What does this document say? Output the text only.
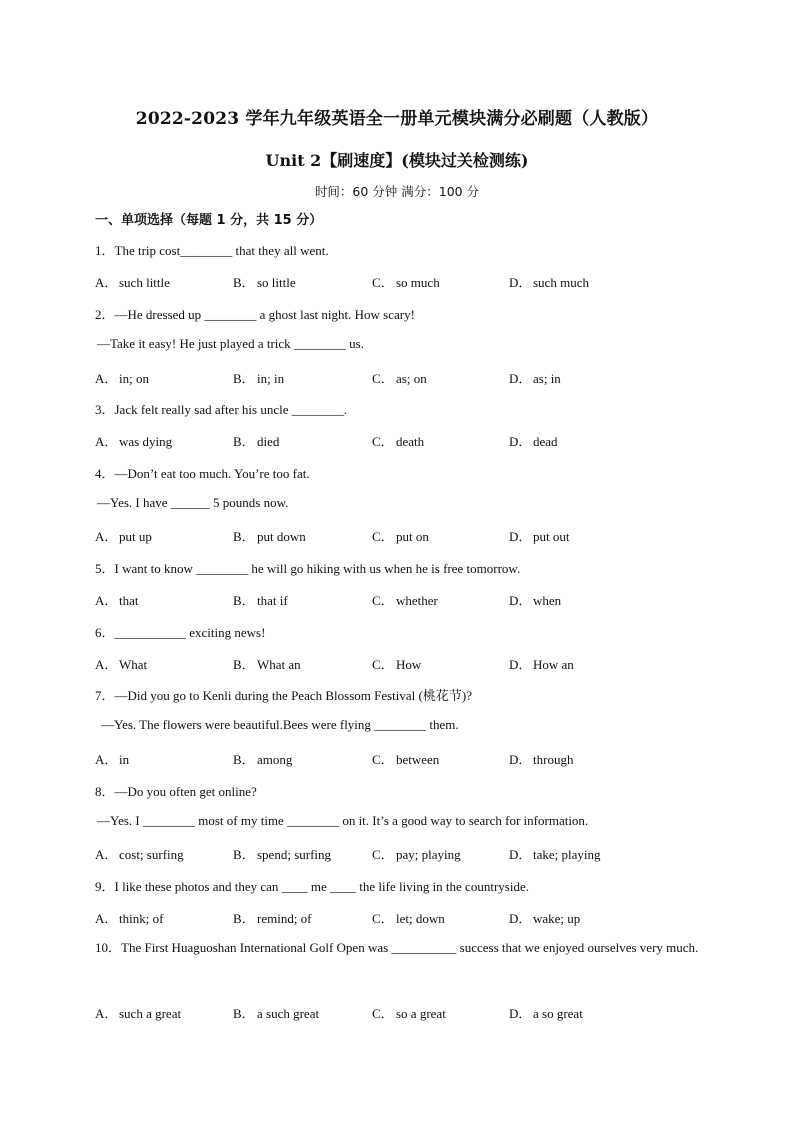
2022-2023 学年九年级英语全一册单元模块满分必刷题（人教版）
Unit 2【刷速度】(模块过关检测练)
时间：60 分钟 满分：100 分
一、单项选择（每题 1 分，共 15 分）
1．The trip cost________ that they all went.
A． such little	B． so little	C． so much	D． such much
2．—He dressed up ________ a ghost last night. How scary!
—Take it easy! He just played a trick ________ us.
A． in; on	B． in; in	C． as; on	D． as; in
3．Jack felt really sad after his uncle ________.
A． was dying	B． died	C． death	D． dead
4．—Don’t eat too much. You’re too fat.
—Yes. I have ______ 5 pounds now.
A． put up	B． put down	C． put on	D． put out
5．I want to know ________ he will go hiking with us when he is free tomorrow.
A． that	B． that if	C． whether	D． when
6．___________ exciting news!
A． What	B． What an	C． How	D． How an
7．—Did you go to Kenli during the Peach Blossom Festival (桃花节)?
—Yes. The flowers were beautiful.Bees were flying ________ them.
A． in	B． among	C． between	D． through
8．—Do you often get online?
—Yes. I ________ most of my time ________ on it. It’s a good way to search for information.
A． cost; surfing	B． spend; surfing	C． pay; playing	D． take; playing
9．I like these photos and they can ____ me ____ the life living in the countryside.
A． think; of	B． remind; of	C． let; down	D． wake; up
10．The First Huaguoshan International Golf Open was __________ success that we enjoyed ourselves very much.
A． such a great	B． a such great	C． so a great	D． a so great
